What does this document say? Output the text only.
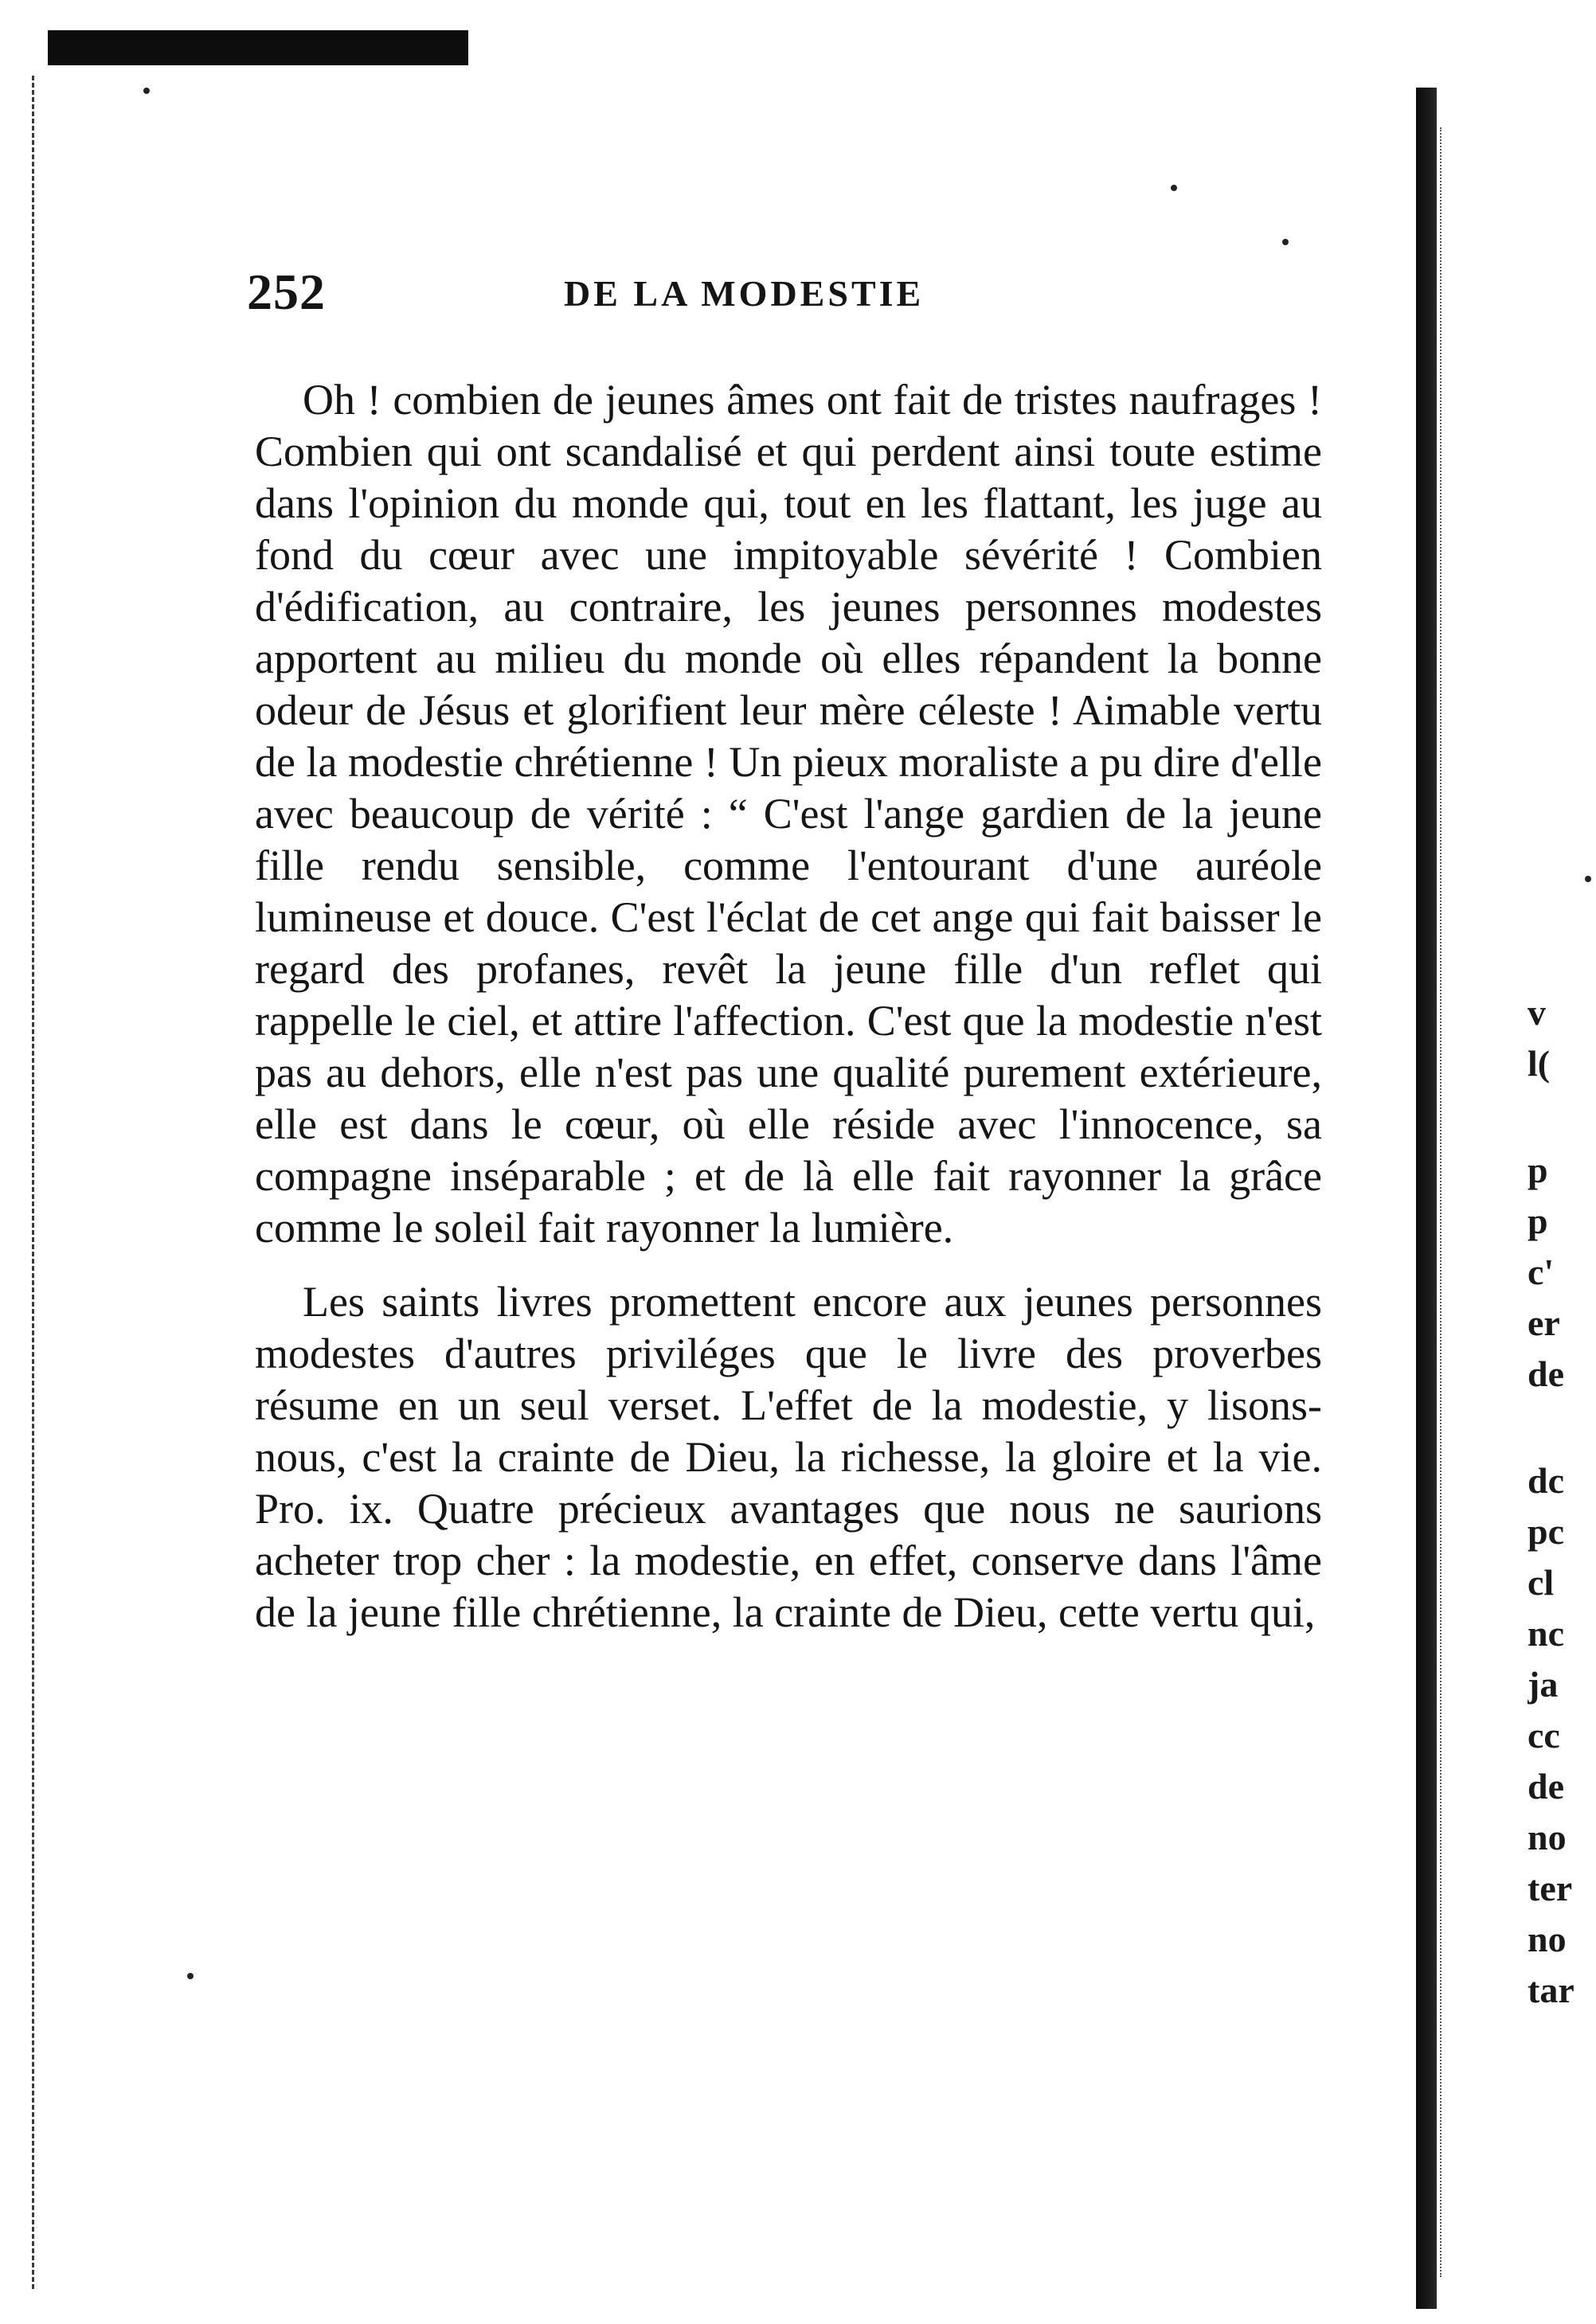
252	DE LA MODESTIE

Oh ! combien de jeunes âmes ont fait de tristes naufrages ! Combien qui ont scandalisé et qui perdent ainsi toute estime dans l'opinion du monde qui, tout en les flattant, les juge au fond du cœur avec une impitoyable sévérité ! Combien d'édification, au contraire, les jeunes personnes modestes apportent au milieu du monde où elles répandent la bonne odeur de Jésus et glorifient leur mère céleste ! Aimable vertu de la modestie chrétienne ! Un pieux moraliste a pu dire d'elle avec beaucoup de vérité : “ C'est l'ange gardien de la jeune fille rendu sensible, comme l'entourant d'une auréole lumineuse et douce. C'est l'éclat de cet ange qui fait baisser le regard des profanes, revêt la jeune fille d'un reflet qui rappelle le ciel, et attire l'affection. C'est que la modestie n'est pas au dehors, elle n'est pas une qualité purement extérieure, elle est dans le cœur, où elle réside avec l'innocence, sa compagne inséparable ; et de là elle fait rayonner la grâce comme le soleil fait rayonner la lumière.

Les saints livres promettent encore aux jeunes personnes modestes d'autres priviléges que le livre des proverbes résume en un seul verset. L'effet de la modestie, y lisons-nous, c'est la crainte de Dieu, la richesse, la gloire et la vie. Pro. ix. Quatre précieux avantages que nous ne saurions acheter trop cher : la modestie, en effet, conserve dans l'âme de la jeune fille chrétienne, la crainte de Dieu, cette vertu qui,

v
l(
p
p
c'
er
de
dc
pc
cl
nc
ja
cc
de
no
ter
no
tar
